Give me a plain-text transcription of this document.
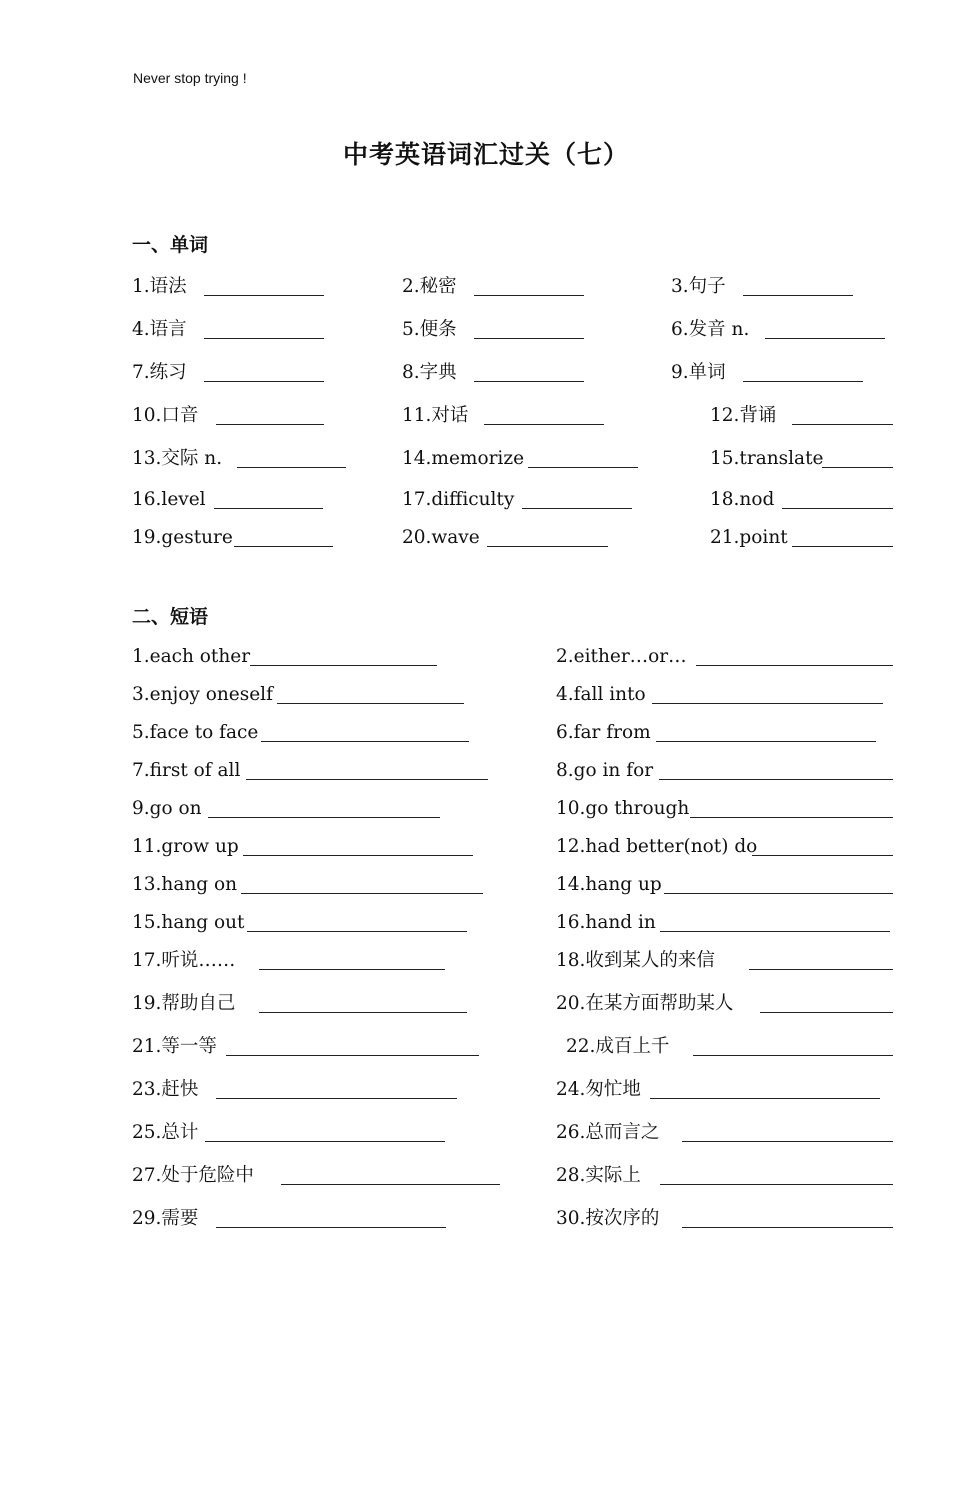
Never stop trying !
中考英语词汇过关（七）
一、单词
1.语法	2.秘密	3.句子
4.语言	5.便条	6.发音 n.
7.练习	8.字典	9.单词
10.口音	11.对话	12.背诵
13.交际 n.	14.memorize	15.translate
16.level	17.difficulty	18.nod
19.gesture	20.wave	21.point
二、短语
1.each other	2.either…or…
3.enjoy oneself	4.fall into
5.face to face	6.far from
7.first of all	8.go in for
9.go on	10.go through
11.grow up	12.had better(not) do
13.hang on	14.hang up
15.hang out	16.hand in
17.听说……	18.收到某人的来信
19.帮助自己	20.在某方面帮助某人
21.等一等	22.成百上千
23.赶快	24.匆忙地
25.总计	26.总而言之
27.处于危险中	28.实际上
29.需要	30.按次序的
